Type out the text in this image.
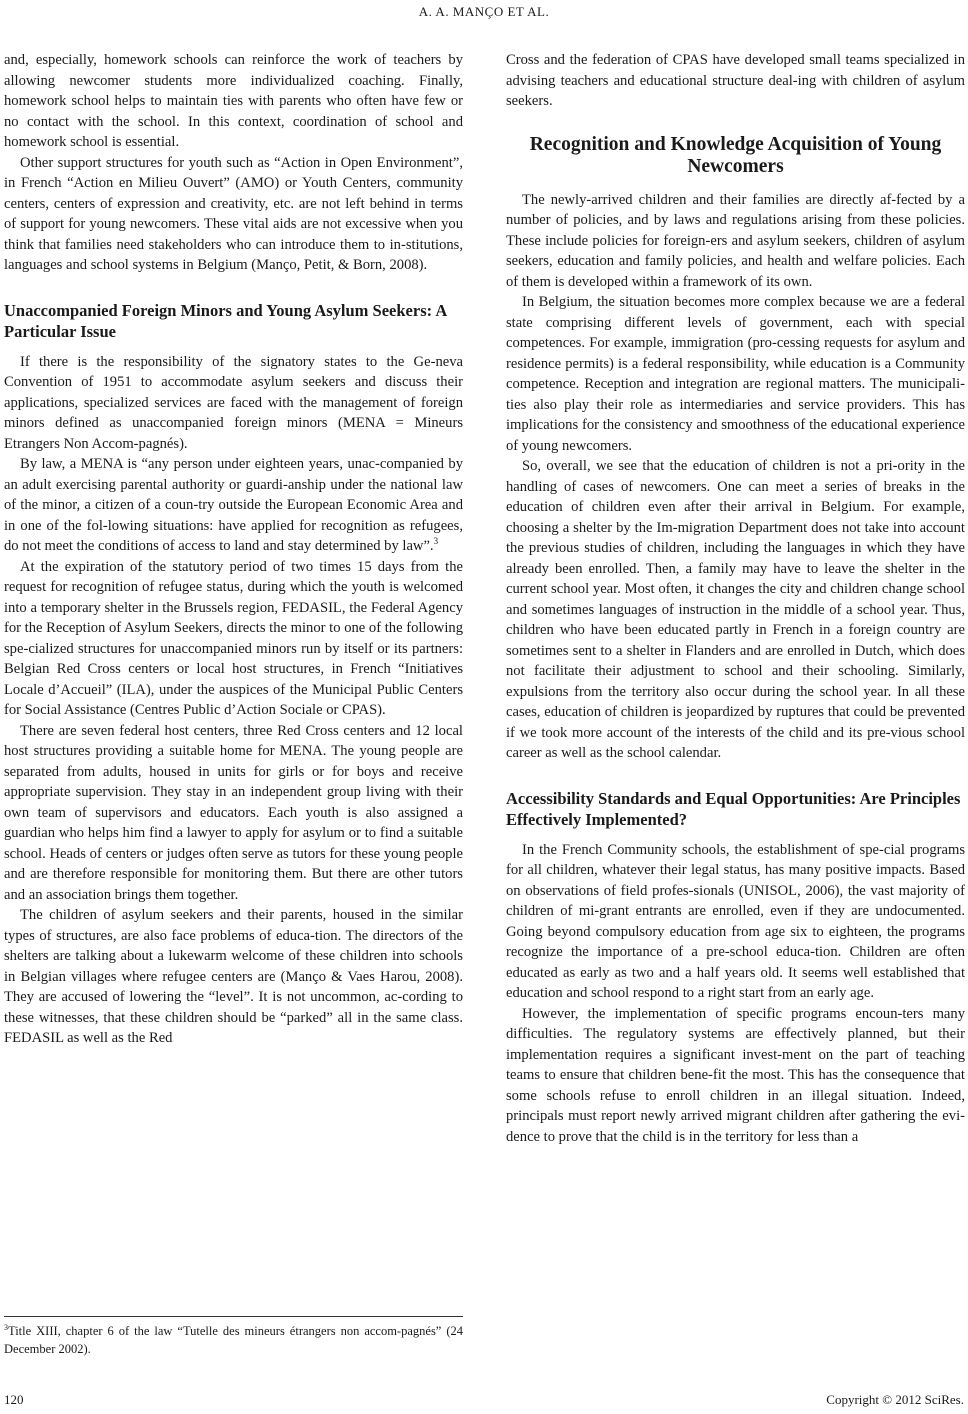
A. A. MANÇO ET AL.

and, especially, homework schools can reinforce the work of teachers by allowing newcomer students more individualized coaching. Finally, homework school helps to maintain ties with parents who often have few or no contact with the school. In this context, coordination of school and homework school is essential.

Other support structures for youth such as “Action in Open Environment”, in French “Action en Milieu Ouvert” (AMO) or Youth Centers, community centers, centers of expression and creativity, etc. are not left behind in terms of support for young newcomers. These vital aids are not excessive when you think that families need stakeholders who can introduce them to in-stitutions, languages and school systems in Belgium (Manço, Petit, & Born, 2008).

Unaccompanied Foreign Minors and Young Asylum Seekers: A Particular Issue

If there is the responsibility of the signatory states to the Ge-neva Convention of 1951 to accommodate asylum seekers and discuss their applications, specialized services are faced with the management of foreign minors defined as unaccompanied foreign minors (MENA = Mineurs Etrangers Non Accom-pagnés).

By law, a MENA is “any person under eighteen years, unac-companied by an adult exercising parental authority or guardi-anship under the national law of the minor, a citizen of a coun-try outside the European Economic Area and in one of the fol-lowing situations: have applied for recognition as refugees, do not meet the conditions of access to land and stay determined by law”.$^3$

At the expiration of the statutory period of two times 15 days from the request for recognition of refugee status, during which the youth is welcomed into a temporary shelter in the Brussels region, FEDASIL, the Federal Agency for the Reception of Asylum Seekers, directs the minor to one of the following spe-cialized structures for unaccompanied minors run by itself or its partners: Belgian Red Cross centers or local host structures, in French “Initiatives Locale d’Accueil” (ILA), under the auspices of the Municipal Public Centers for Social Assistance (Centres Public d’Action Sociale or CPAS).

There are seven federal host centers, three Red Cross centers and 12 local host structures providing a suitable home for MENA. The young people are separated from adults, housed in units for girls or for boys and receive appropriate supervision. They stay in an independent group living with their own team of supervisors and educators. Each youth is also assigned a guardian who helps him find a lawyer to apply for asylum or to find a suitable school. Heads of centers or judges often serve as tutors for these young people and are therefore responsible for monitoring them. But there are other tutors and an association brings them together.

The children of asylum seekers and their parents, housed in the similar types of structures, are also face problems of educa-tion. The directors of the shelters are talking about a lukewarm welcome of these children into schools in Belgian villages where refugee centers are (Manço & Vaes Harou, 2008). They are accused of lowering the “level”. It is not uncommon, ac-cording to these witnesses, that these children should be “parked” all in the same class. FEDASIL as well as the Red

Cross and the federation of CPAS have developed small teams specialized in advising teachers and educational structure deal-ing with children of asylum seekers.

Recognition and Knowledge Acquisition of Young Newcomers

The newly-arrived children and their families are directly af-fected by a number of policies, and by laws and regulations arising from these policies. These include policies for foreign-ers and asylum seekers, children of asylum seekers, education and family policies, and health and welfare policies. Each of them is developed within a framework of its own.

In Belgium, the situation becomes more complex because we are a federal state comprising different levels of government, each with special competences. For example, immigration (pro-cessing requests for asylum and residence permits) is a federal responsibility, while education is a Community competence. Reception and integration are regional matters. The municipali-ties also play their role as intermediaries and service providers. This has implications for the consistency and smoothness of the educational experience of young newcomers.

So, overall, we see that the education of children is not a pri-ority in the handling of cases of newcomers. One can meet a series of breaks in the education of children even after their arrival in Belgium. For example, choosing a shelter by the Im-migration Department does not take into account the previous studies of children, including the languages in which they have already been enrolled. Then, a family may have to leave the shelter in the current school year. Most often, it changes the city and children change school and sometimes languages of instruction in the middle of a school year. Thus, children who have been educated partly in French in a foreign country are sometimes sent to a shelter in Flanders and are enrolled in Dutch, which does not facilitate their adjustment to school and their schooling. Similarly, expulsions from the territory also occur during the school year. In all these cases, education of children is jeopardized by ruptures that could be prevented if we took more account of the interests of the child and its pre-vious school career as well as the school calendar.

Accessibility Standards and Equal Opportunities: Are Principles Effectively Implemented?

In the French Community schools, the establishment of spe-cial programs for all children, whatever their legal status, has many positive impacts. Based on observations of field profes-sionals (UNISOL, 2006), the vast majority of children of mi-grant entrants are enrolled, even if they are undocumented. Going beyond compulsory education from age six to eighteen, the programs recognize the importance of a pre-school educa-tion. Children are often educated as early as two and a half years old. It seems well established that education and school respond to a right start from an early age.

However, the implementation of specific programs encoun-ters many difficulties. The regulatory systems are effectively planned, but their implementation requires a significant invest-ment on the part of teaching teams to ensure that children bene-fit the most. This has the consequence that some schools refuse to enroll children in an illegal situation. Indeed, principals must report newly arrived migrant children after gathering the evi-dence to prove that the child is in the territory for less than a

$^3$Title XIII, chapter 6 of the law “Tutelle des mineurs étrangers non accom-pagnés” (24 December 2002).
120	Copyright © 2012 SciRes.
